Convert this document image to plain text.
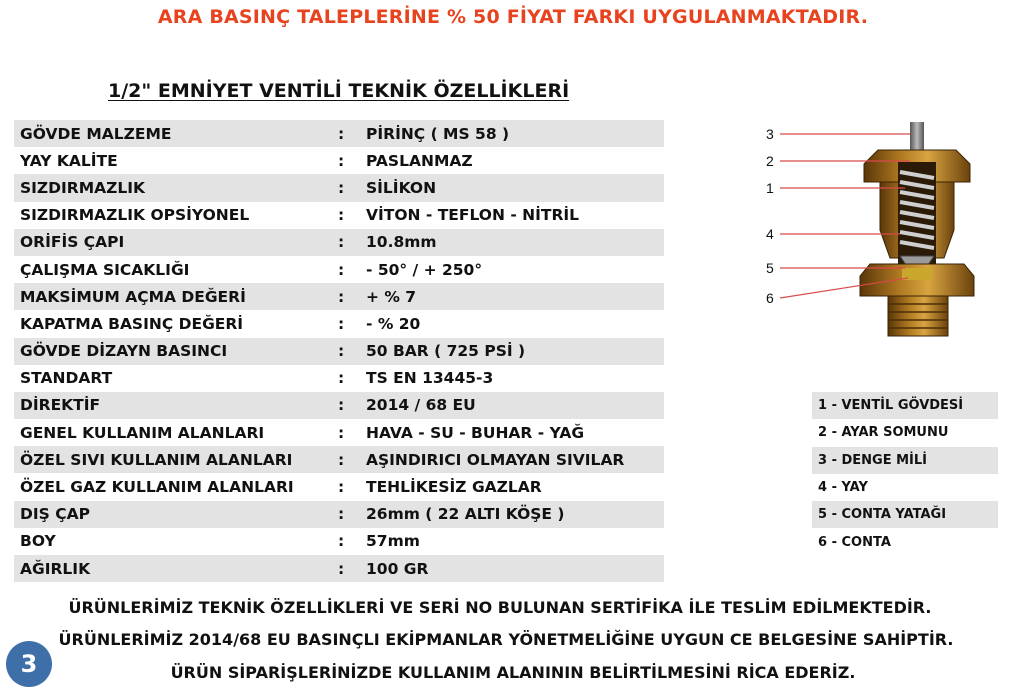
ARA BASINÇ TALEPLERİNE % 50 FİYAT FARKI UYGULANMAKTADIR.
1/2" EMNİYET VENTİLİ TEKNİK ÖZELLİKLERİ
GÖVDE MALZEME	:	PİRİNÇ ( MS 58 )
YAY KALİTE	:	PASLANMAZ
SIZDIRMAZLIK	:	SİLİKON
SIZDIRMAZLIK OPSİYONEL	:	VİTON - TEFLON - NİTRİL
ORİFİS ÇAPI	:	10.8mm
ÇALIŞMA SICAKLIĞI	:	- 50° / + 250°
MAKSİMUM AÇMA DEĞERİ	:	+ % 7
KAPATMA BASINÇ DEĞERİ	:	- % 20
GÖVDE DİZAYN BASINCI	:	50 BAR ( 725 PSİ )
STANDART	:	TS EN 13445-3
DİREKTİF	:	2014 / 68 EU
GENEL KULLANIM ALANLARI	:	HAVA - SU - BUHAR - YAĞ
ÖZEL SIVI KULLANIM ALANLARI	:	AŞINDIRICI OLMAYAN SIVILAR
ÖZEL GAZ KULLANIM ALANLARI	:	TEHLİKESİZ GAZLAR
DIŞ ÇAP	:	26mm ( 22 ALTI KÖŞE )
BOY	:	57mm
AĞIRLIK	:	100 GR
3
2
1
4
5
6
1 - VENTİL GÖVDESİ
2 - AYAR SOMUNU
3 - DENGE MİLİ
4 - YAY
5 - CONTA YATAĞI
6 - CONTA
ÜRÜNLERİMİZ TEKNİK ÖZELLİKLERİ VE SERİ NO BULUNAN SERTİFİKA İLE TESLİM EDİLMEKTEDİR.
ÜRÜNLERİMİZ 2014/68 EU BASINÇLI EKİPMANLAR YÖNETMELİĞİNE UYGUN CE BELGESİNE SAHİPTİR.
ÜRÜN SİPARİŞLERİNİZDE KULLANIM ALANININ BELİRTİLMESİNİ RİCA EDERİZ.
3
